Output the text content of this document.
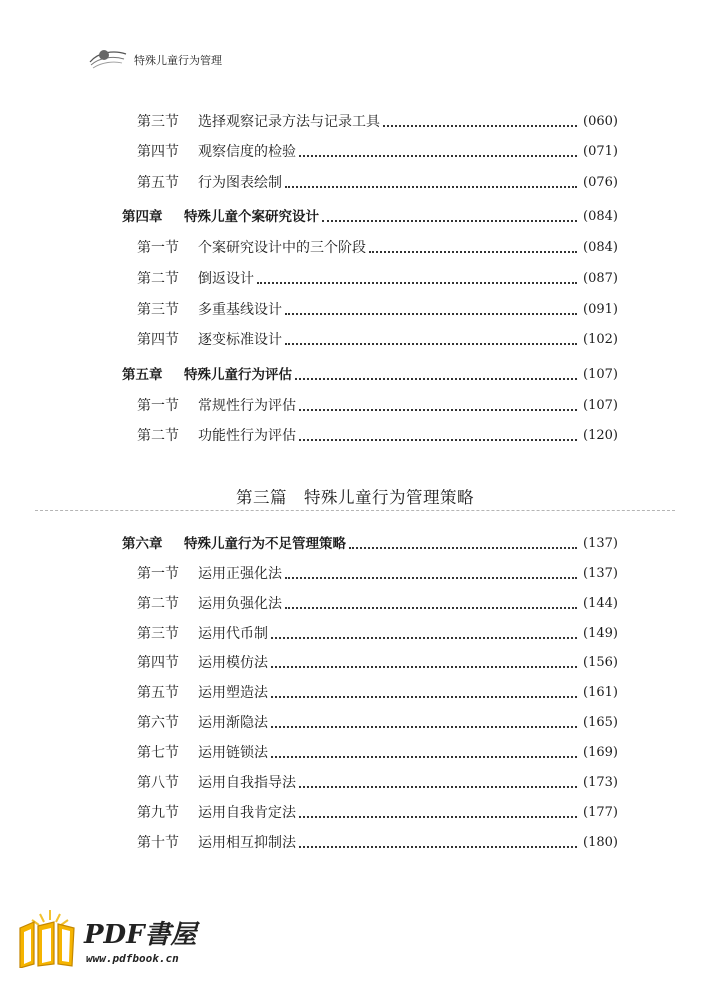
特殊儿童行为管理
第三节 选择观察记录方法与记录工具	(060)
第四节 观察信度的检验	(071)
第五节 行为图表绘制	(076)
第四章 特殊儿童个案研究设计	(084)
第一节 个案研究设计中的三个阶段	(084)
第二节 倒返设计	(087)
第三节 多重基线设计	(091)
第四节 逐变标准设计	(102)
第五章 特殊儿童行为评估	(107)
第一节 常规性行为评估	(107)
第二节 功能性行为评估	(120)
第三篇　特殊儿童行为管理策略
第六章 特殊儿童行为不足管理策略	(137)
第一节 运用正强化法	(137)
第二节 运用负强化法	(144)
第三节 运用代币制	(149)
第四节 运用模仿法	(156)
第五节 运用塑造法	(161)
第六节 运用渐隐法	(165)
第七节 运用链锁法	(169)
第八节 运用自我指导法	(173)
第九节 运用自我肯定法	(177)
第十节 运用相互抑制法	(180)
PDF書屋
www.pdfbook.cn
